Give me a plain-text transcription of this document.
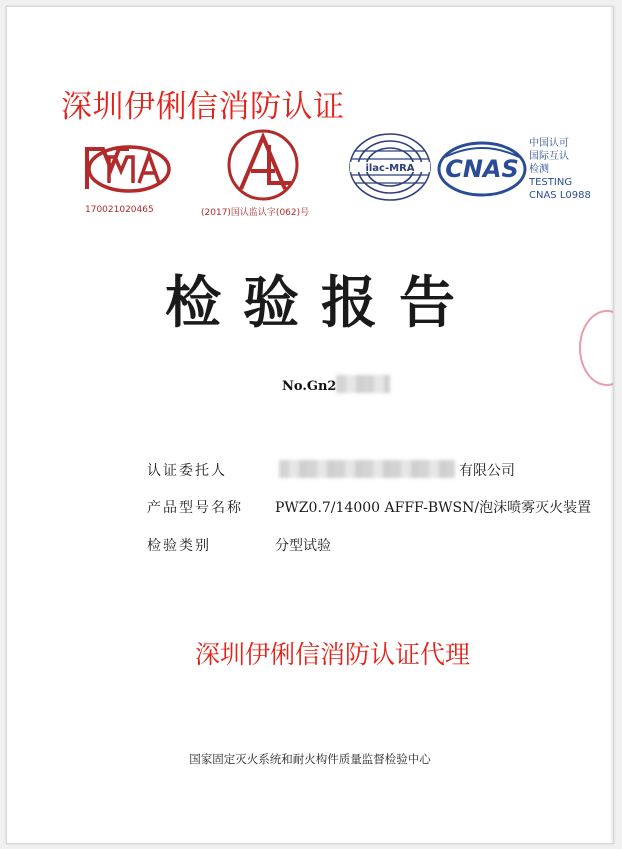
深圳伊俐信消防认证
170021020465	(2017)国认监认字(062)号
ilac-MRA CNAS
中国认可
国际互认
检测
TESTING
CNAS L0988
检验报告
No.Gn2
认证委托人	有限公司
产品型号名称	PWZ0.7/14000 AFFF-BWSN/泡沫喷雾灭火装置
检验类别	分型试验
深圳伊俐信消防认证代理
国家固定灭火系统和耐火构件质量监督检验中心
